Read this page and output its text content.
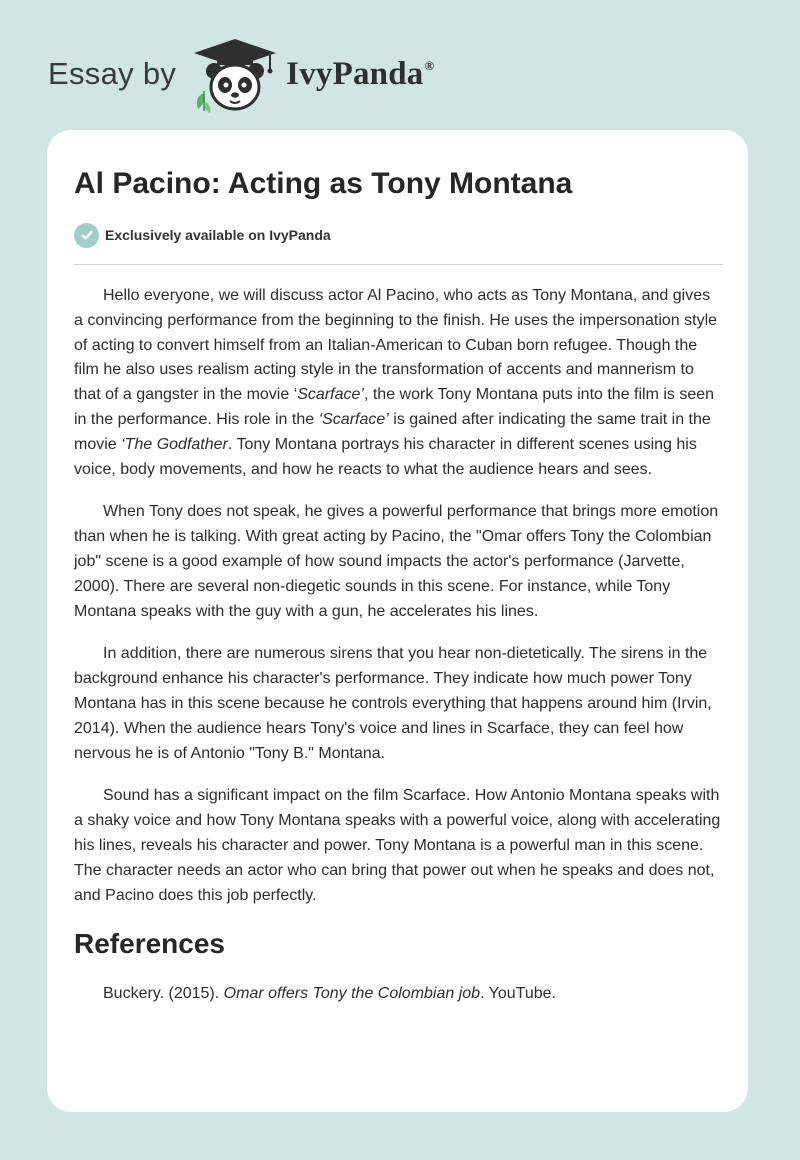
Essay by	IvyPanda®
Al Pacino: Acting as Tony Montana
Exclusively available on IvyPanda

Hello everyone, we will discuss actor Al Pacino, who acts as Tony Montana, and gives a convincing performance from the beginning to the finish. He uses the impersonation style of acting to convert himself from an Italian-American to Cuban born refugee. Though the film he also uses realism acting style in the transformation of accents and mannerism to that of a gangster in the movie ‘Scarface’, the work Tony Montana puts into the film is seen in the performance. His role in the ‘Scarface’ is gained after indicating the same trait in the movie ‘The Godfather. Tony Montana portrays his character in different scenes using his voice, body movements, and how he reacts to what the audience hears and sees.

When Tony does not speak, he gives a powerful performance that brings more emotion than when he is talking. With great acting by Pacino, the "Omar offers Tony the Colombian job" scene is a good example of how sound impacts the actor's performance (Jarvette, 2000). There are several non-diegetic sounds in this scene. For instance, while Tony Montana speaks with the guy with a gun, he accelerates his lines.

In addition, there are numerous sirens that you hear non-dietetically. The sirens in the background enhance his character's performance. They indicate how much power Tony Montana has in this scene because he controls everything that happens around him (Irvin, 2014). When the audience hears Tony's voice and lines in Scarface, they can feel how nervous he is of Antonio "Tony B." Montana.

Sound has a significant impact on the film Scarface. How Antonio Montana speaks with a shaky voice and how Tony Montana speaks with a powerful voice, along with accelerating his lines, reveals his character and power. Tony Montana is a powerful man in this scene. The character needs an actor who can bring that power out when he speaks and does not, and Pacino does this job perfectly.

References

Buckery. (2015). Omar offers Tony the Colombian job. YouTube.
